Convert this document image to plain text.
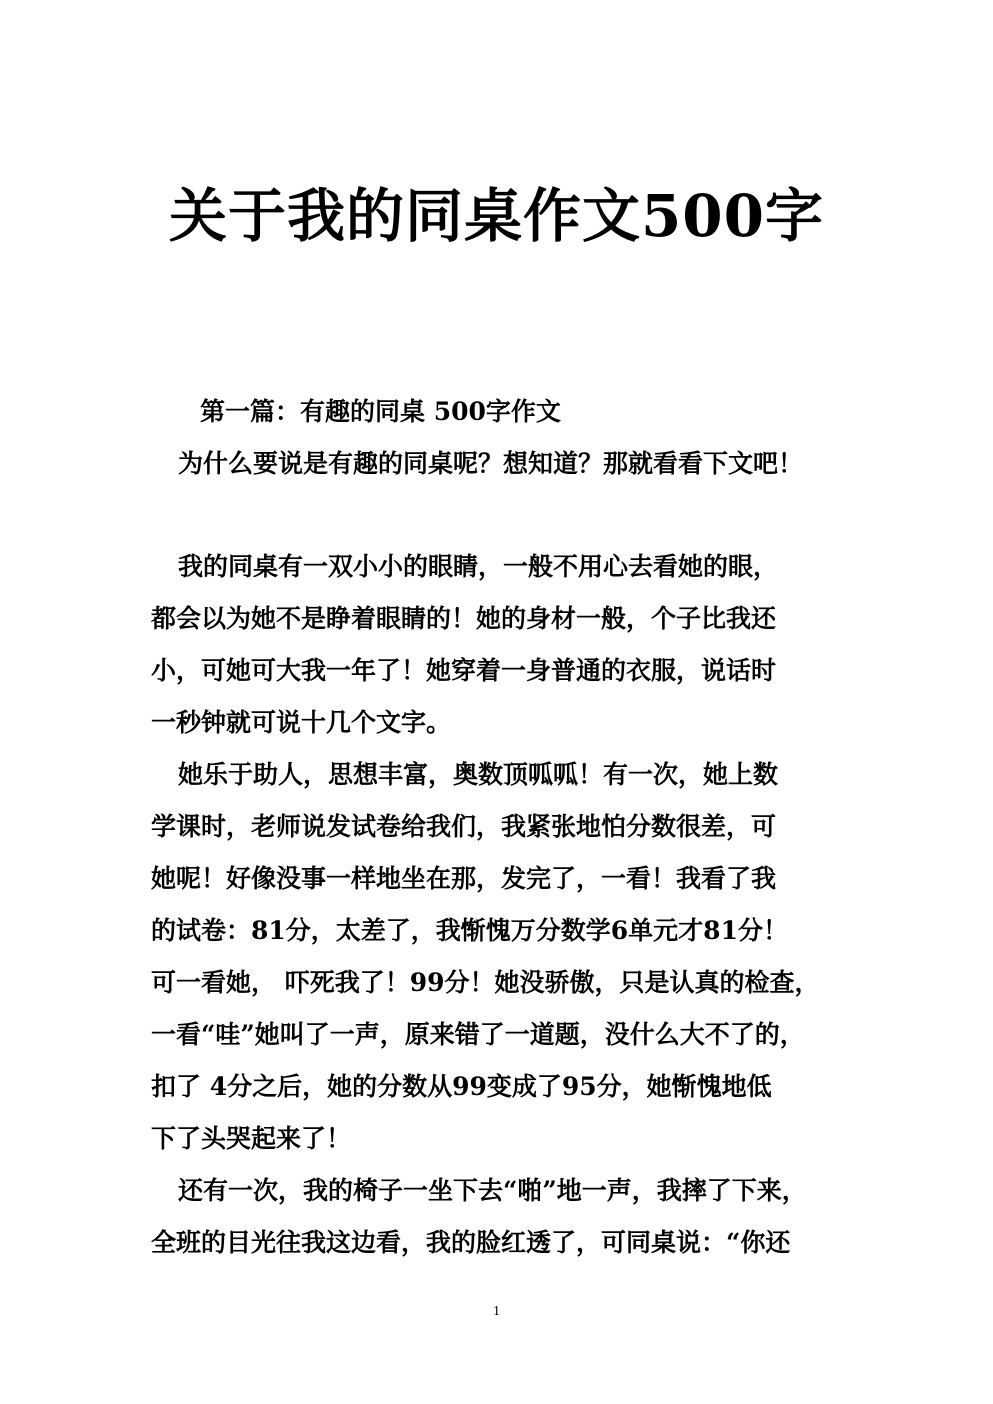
关于我的同桌作文500字
第一篇：有趣的同桌 500字作文
为什么要说是有趣的同桌呢？想知道？那就看看下文吧！
我的同桌有一双小小的眼睛，一般不用心去看她的眼，
都会以为她不是睁着眼睛的！她的身材一般，个子比我还
小，可她可大我一年了！她穿着一身普通的衣服，说话时
一秒钟就可说十几个文字。
她乐于助人，思想丰富，奥数顶呱呱！有一次，她上数
学课时，老师说发试卷给我们，我紧张地怕分数很差，可
她呢！好像没事一样地坐在那，发完了，一看！我看了我
的试卷：81分，太差了，我惭愧万分数学6单元才81分！
可一看她， 吓死我了！99分！她没骄傲，只是认真的检查，
一看“哇”她叫了一声，原来错了一道题，没什么大不了的，
扣了 4分之后，她的分数从99变成了95分，她惭愧地低
下了头哭起来了！
还有一次，我的椅子一坐下去“啪”地一声，我摔了下来，
全班的目光往我这边看，我的脸红透了，可同桌说：“你还
1
